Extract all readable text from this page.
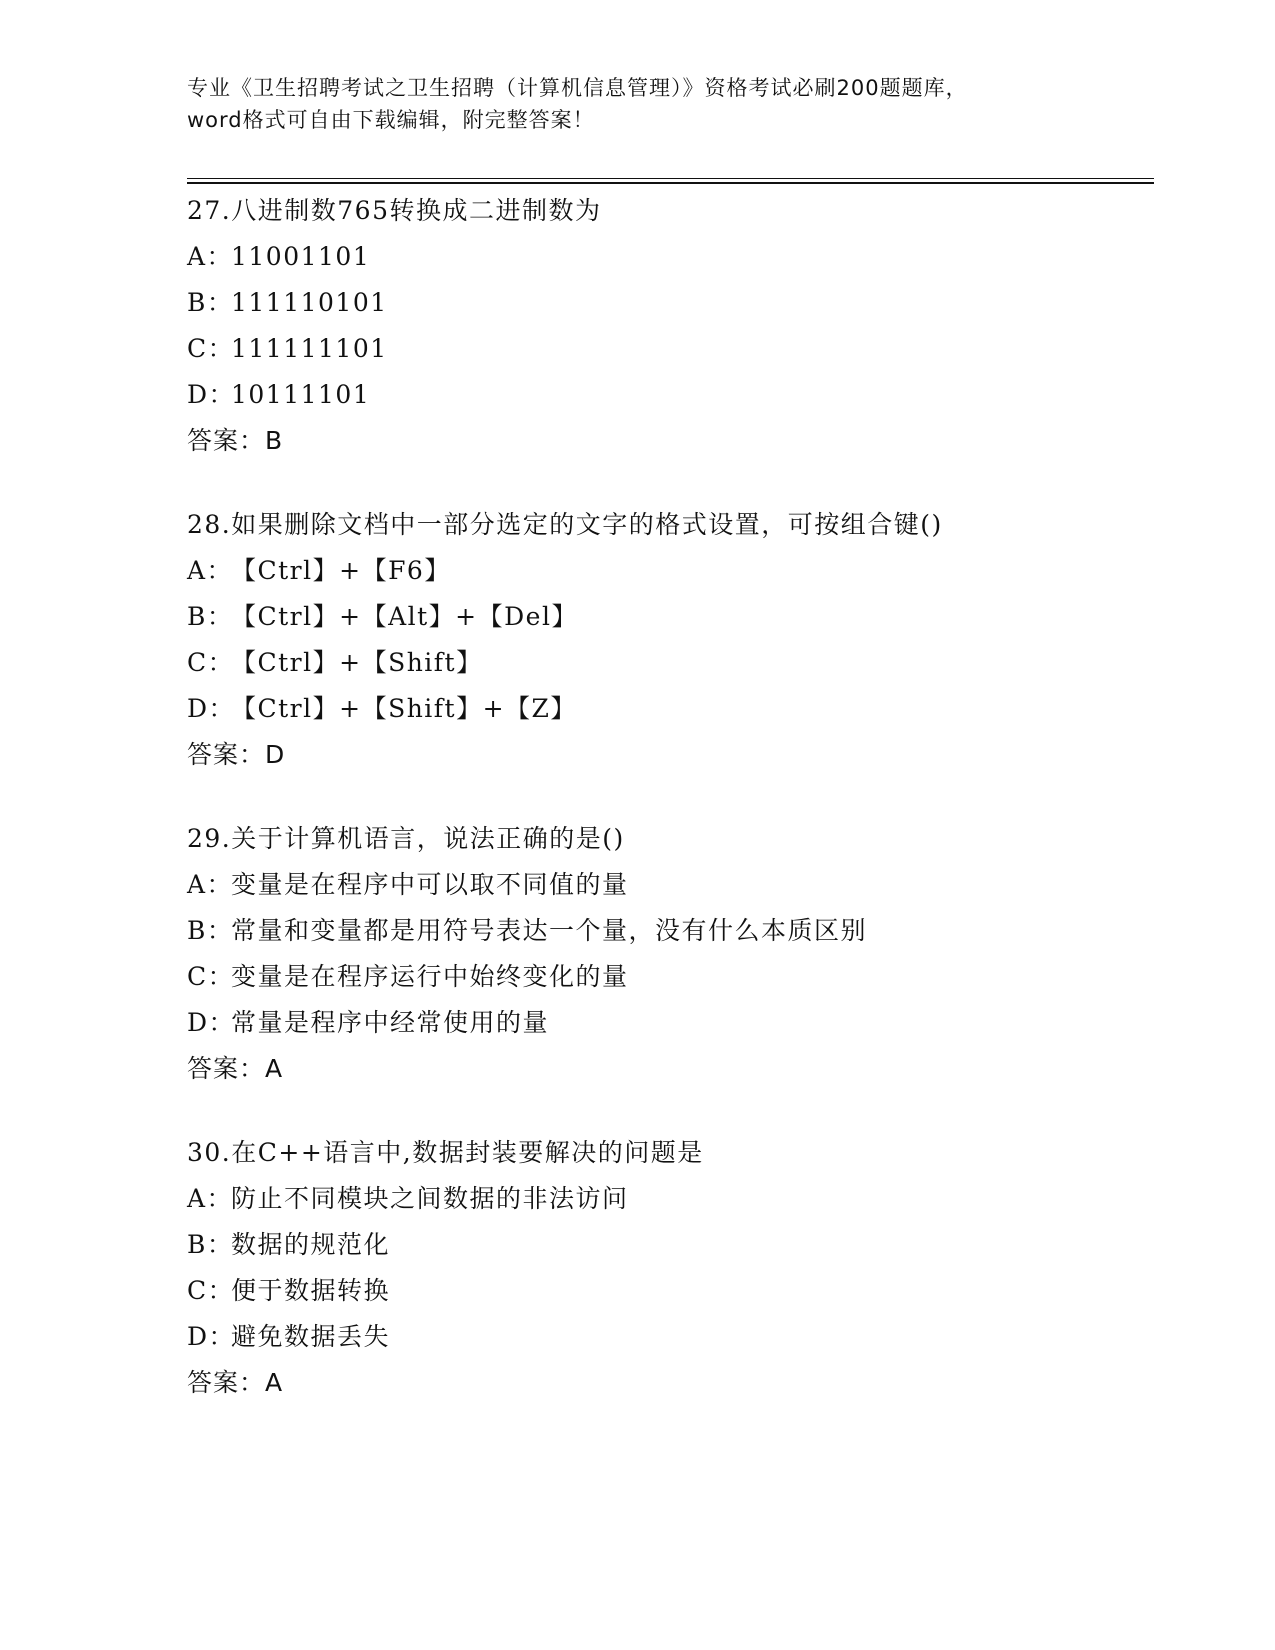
专业《卫生招聘考试之卫生招聘（计算机信息管理）》资格考试必刷200题题库，
word格式可自由下载编辑，附完整答案！
27.八进制数765转换成二进制数为
A：11001101
B：111110101
C：111111101
D：10111101
答案：B
28.如果删除文档中一部分选定的文字的格式设置，可按组合键()
A：【Ctrl】+【F6】
B：【Ctrl】+【Alt】+【Del】
C：【Ctrl】+【Shift】
D：【Ctrl】+【Shift】+【Z】
答案：D
29.关于计算机语言，说法正确的是()
A：变量是在程序中可以取不同值的量
B：常量和变量都是用符号表达一个量，没有什么本质区别
C：变量是在程序运行中始终变化的量
D：常量是程序中经常使用的量
答案：A
30.在C++语言中,数据封装要解决的问题是
A：防止不同模块之间数据的非法访问
B：数据的规范化
C：便于数据转换
D：避免数据丢失
答案：A
